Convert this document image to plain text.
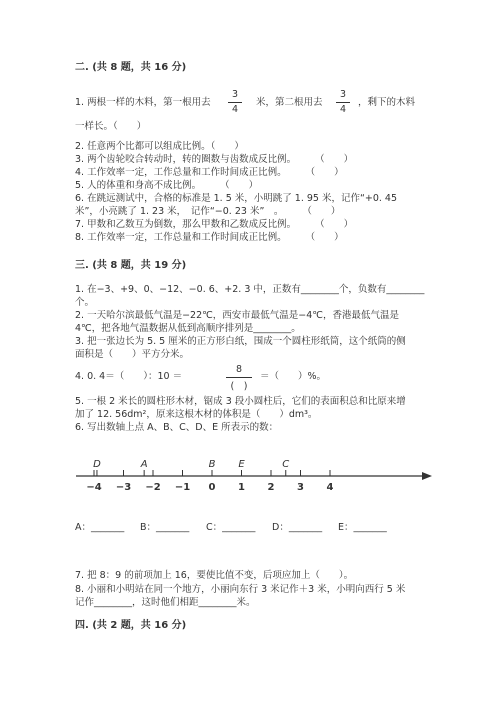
二. (共 8 题，共 16 分)
1. 两根一样的木料，第一根用去
3
4
米，第二根用去
3
4
，剩下的木料
一样长。（　　）
2. 任意两个比都可以组成比例。（　　）
3. 两个齿轮咬合转动时，转的圈数与齿数成反比例。　　　（　　）
4. 工作效率一定，工作总量和工作时间成正比例。　　　（　　）
5. 人的体重和身高不成比例。　　　（　　）
6. 在跳远测试中，合格的标准是 1. 5 米，小明跳了 1. 95 米，记作“+0. 45
米”，小亮跳了 1. 23 米，　记作“−0. 23 米”　。　　　（　　）
7. 甲数和乙数互为倒数，那么甲数和乙数成反比例。　　　（　　）
8. 工作效率一定，工作总量和工作时间成正比例。　　　（　　）
三. (共 8 题，共 19 分)
1. 在−3、+9、0、−12、−0. 6、+2. 3 中，正数有________个，负数有________
个。
2. 一天哈尔滨最低气温是−22℃，西安市最低气温是−4℃，香港最低气温是
4℃，把各地气温数据从低到高顺序排列是________。
3. 把一张边长为 5. 5 厘米的正方形白纸，围成一个圆柱形纸筒，这个纸筒的侧
面积是（　　）平方分米。
4. 0. 4＝（　　）：10 ＝
8
(　)
＝（　　）%。
5. 一根 2 米长的圆柱形木材，锯成 3 段小圆柱后，它们的表面积总和比原来增
加了 12. 56dm²，原来这根木材的体积是（　　）dm³。
6. 写出数轴上点 A、B、C、D、E 所表示的数：
−4 −3 −2 −1 0 1 2 3 4
D	A	B E	C
A：_______ B：_______ C：_______ D：_______ E：_______
7. 把 8：9 的前项加上 16，要使比值不变，后项应加上（　　）。
8. 小丽和小明站在同一个地方，小丽向东行 3 米记作＋3 米，小明向西行 5 米
记作________，这时他们相距________米。
四. (共 2 题，共 16 分)
